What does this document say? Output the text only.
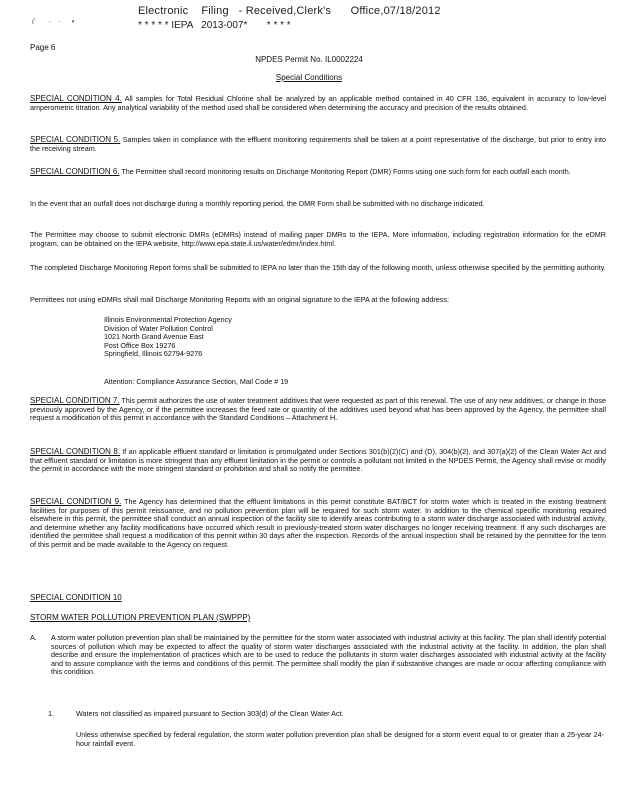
Electronic    Filing   - Received,Clerk's      Office,07/18/2012
* * * * * IEPA   2013-007*       * * * *
ι'      ·   ·     •
Page 6
NPDES Permit No. IL0002224
Special Conditions
SPECIAL CONDITION 4. All samples for Total Residual Chlorine shall be analyzed by an applicable method contained in 40 CFR 136, equivalent in accuracy to low-level amperometric titration. Any analytical variability of the method used shall be considered when determining the accuracy and precision of the results obtained.
SPECIAL CONDITION 5. Samples taken in compliance with the effluent monitoring requirements shall be taken at a point representative of the discharge, but prior to entry into the receiving stream.
SPECIAL CONDITION 6. The Permittee shall record monitoring results on Discharge Monitoring Report (DMR) Forms using one such form for each outfall each month.
In the event that an outfall does not discharge during a monthly reporting period, the DMR Form shall be submitted with no discharge indicated.
The Permittee may choose to submit electronic DMRs (eDMRs) instead of mailing paper DMRs to the IEPA. More information, including registration information for the eDMR program, can be obtained on the IEPA website, http://www.epa.state.il.us/water/edmr/index.html.
The completed Discharge Monitoring Report forms shall be submitted to IEPA no later than the 15th day of the following month, unless otherwise specified by the permitting authority.
Permittees not using eDMRs shall mail Discharge Monitoring Reports with an original signature to the IEPA at the following address:
Illinois Environmental Protection Agency
Division of Water Pollution Control
1021 North Grand Avenue East
Post Office Box 19276
Springfield, Illinois 62794-9276
Attention: Compliance Assurance Section, Mail Code # 19
SPECIAL CONDITION 7. This permit authorizes the use of water treatment additives that were requested as part of this renewal. The use of any new additives, or change in those previously approved by the Agency, or if the permittee increases the feed rate or quantity of the additives used beyond what has been approved by the Agency, the permittee shall request a modification of this permit in accordance with the Standard Conditions – Attachment H.
SPECIAL CONDITION 8. If an applicable effluent standard or limitation is promulgated under Sections 301(b)(2)(C) and (D), 304(b)(2), and 307(a)(2) of the Clean Water Act and that effluent standard or limitation is more stringent than any effluent limitation in the permit or controls a pollutant not limited in the NPDES Permit, the Agency shall revise or modify the permit in accordance with the more stringent standard or prohibition and shall so notify the permittee.
SPECIAL CONDITION 9. The Agency has determined that the effluent limitations in this permit constitute BAT/BCT for storm water which is treated in the existing treatment facilities for purposes of this permit reissuance, and no pollution prevention plan will be required for such storm water. In addition to the chemical specific monitoring required elsewhere in this permit, the permittee shall conduct an annual inspection of the facility site to identify areas contributing to a storm water discharge associated with industrial activity, and determine whether any facility modifications have occurred which result in previously-treated storm water discharges no longer receiving treatment. If any such discharges are identified the permittee shall request a modification of this permit within 30 days after the inspection. Records of the annual inspection shall be retained by the permittee for the term of this permit and be made available to the Agency on request.
SPECIAL CONDITION 10
STORM WATER POLLUTION PREVENTION PLAN (SWPPP)
A. A storm water pollution prevention plan shall be maintained by the permittee for the storm water associated with industrial activity at this facility. The plan shall identify potential sources of pollution which may be expected to affect the quality of storm water discharges associated with the industrial activity at the facility. In addition, the plan shall describe and ensure the implementation of practices which are to be used to reduce the pollutants in storm water discharges associated with industrial activity at the facility and to assure compliance with the terms and conditions of this permit. The permittee shall modify the plan if substantive changes are made or occur affecting compliance with this condition.
1.	Waters not classified as impaired pursuant to Section 303(d) of the Clean Water Act.
Unless otherwise specified by federal regulation, the storm water pollution prevention plan shall be designed for a storm event equal to or greater than a 25-year 24-hour rainfall event.
